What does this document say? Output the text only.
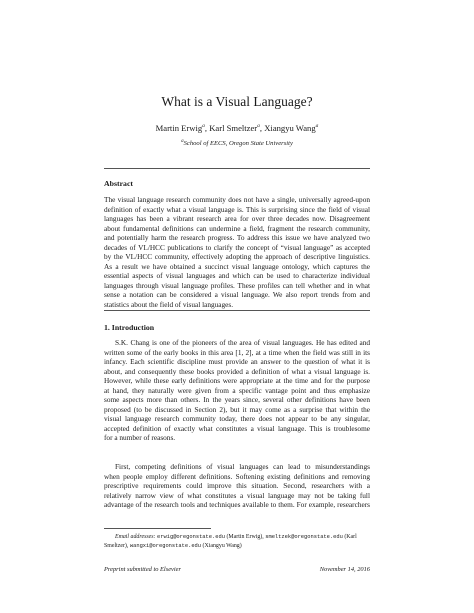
What is a Visual Language?
Martin Erwig$^a$, Karl Smeltzer$^a$, Xiangyu Wang$^a$
$^a$School of EECS, Oregon State University
Abstract
The visual language research community does not have a single, universally agreed-upon
definition of exactly what a visual language is. This is surprising since the field of visual
languages has been a vibrant research area for over three decades now. Disagreement
about fundamental definitions can undermine a field, fragment the research community,
and potentially harm the research progress. To address this issue we have analyzed two
decades of VL/HCC publications to clarify the concept of “visual language” as accepted
by the VL/HCC community, effectively adopting the approach of descriptive linguistics.
As a result we have obtained a succinct visual language ontology, which captures the
essential aspects of visual languages and which can be used to characterize individual
languages through visual language profiles. These profiles can tell whether and in what
sense a notation can be considered a visual language. We also report trends from and
statistics about the field of visual languages.
1. Introduction
S.K. Chang is one of the pioneers of the area of visual languages. He has edited and
written some of the early books in this area [1, 2], at a time when the field was still in its
infancy. Each scientific discipline must provide an answer to the question of what it is
about, and consequently these books provided a definition of what a visual language is.
However, while these early definitions were appropriate at the time and for the purpose
at hand, they naturally were given from a specific vantage point and thus emphasize
some aspects more than others. In the years since, several other definitions have been
proposed (to be discussed in Section 2), but it may come as a surprise that within the
visual language research community today, there does not appear to be any singular,
accepted definition of exactly what constitutes a visual language. This is troublesome
for a number of reasons.
First, competing definitions of visual languages can lead to misunderstandings
when people employ different definitions. Softening existing definitions and removing
prescriptive requirements could improve this situation. Second, researchers with a
relatively narrow view of what constitutes a visual language may not be taking full
advantage of the research tools and techniques available to them. For example, researchers
Email addresses: erwig@oregonstate.edu (Martin Erwig), smeltzek@oregonstate.edu (Karl
Smeltzer), wangxi@oregonstate.edu (Xiangyu Wang)
Preprint submitted to Elsevier	November 14, 2016
